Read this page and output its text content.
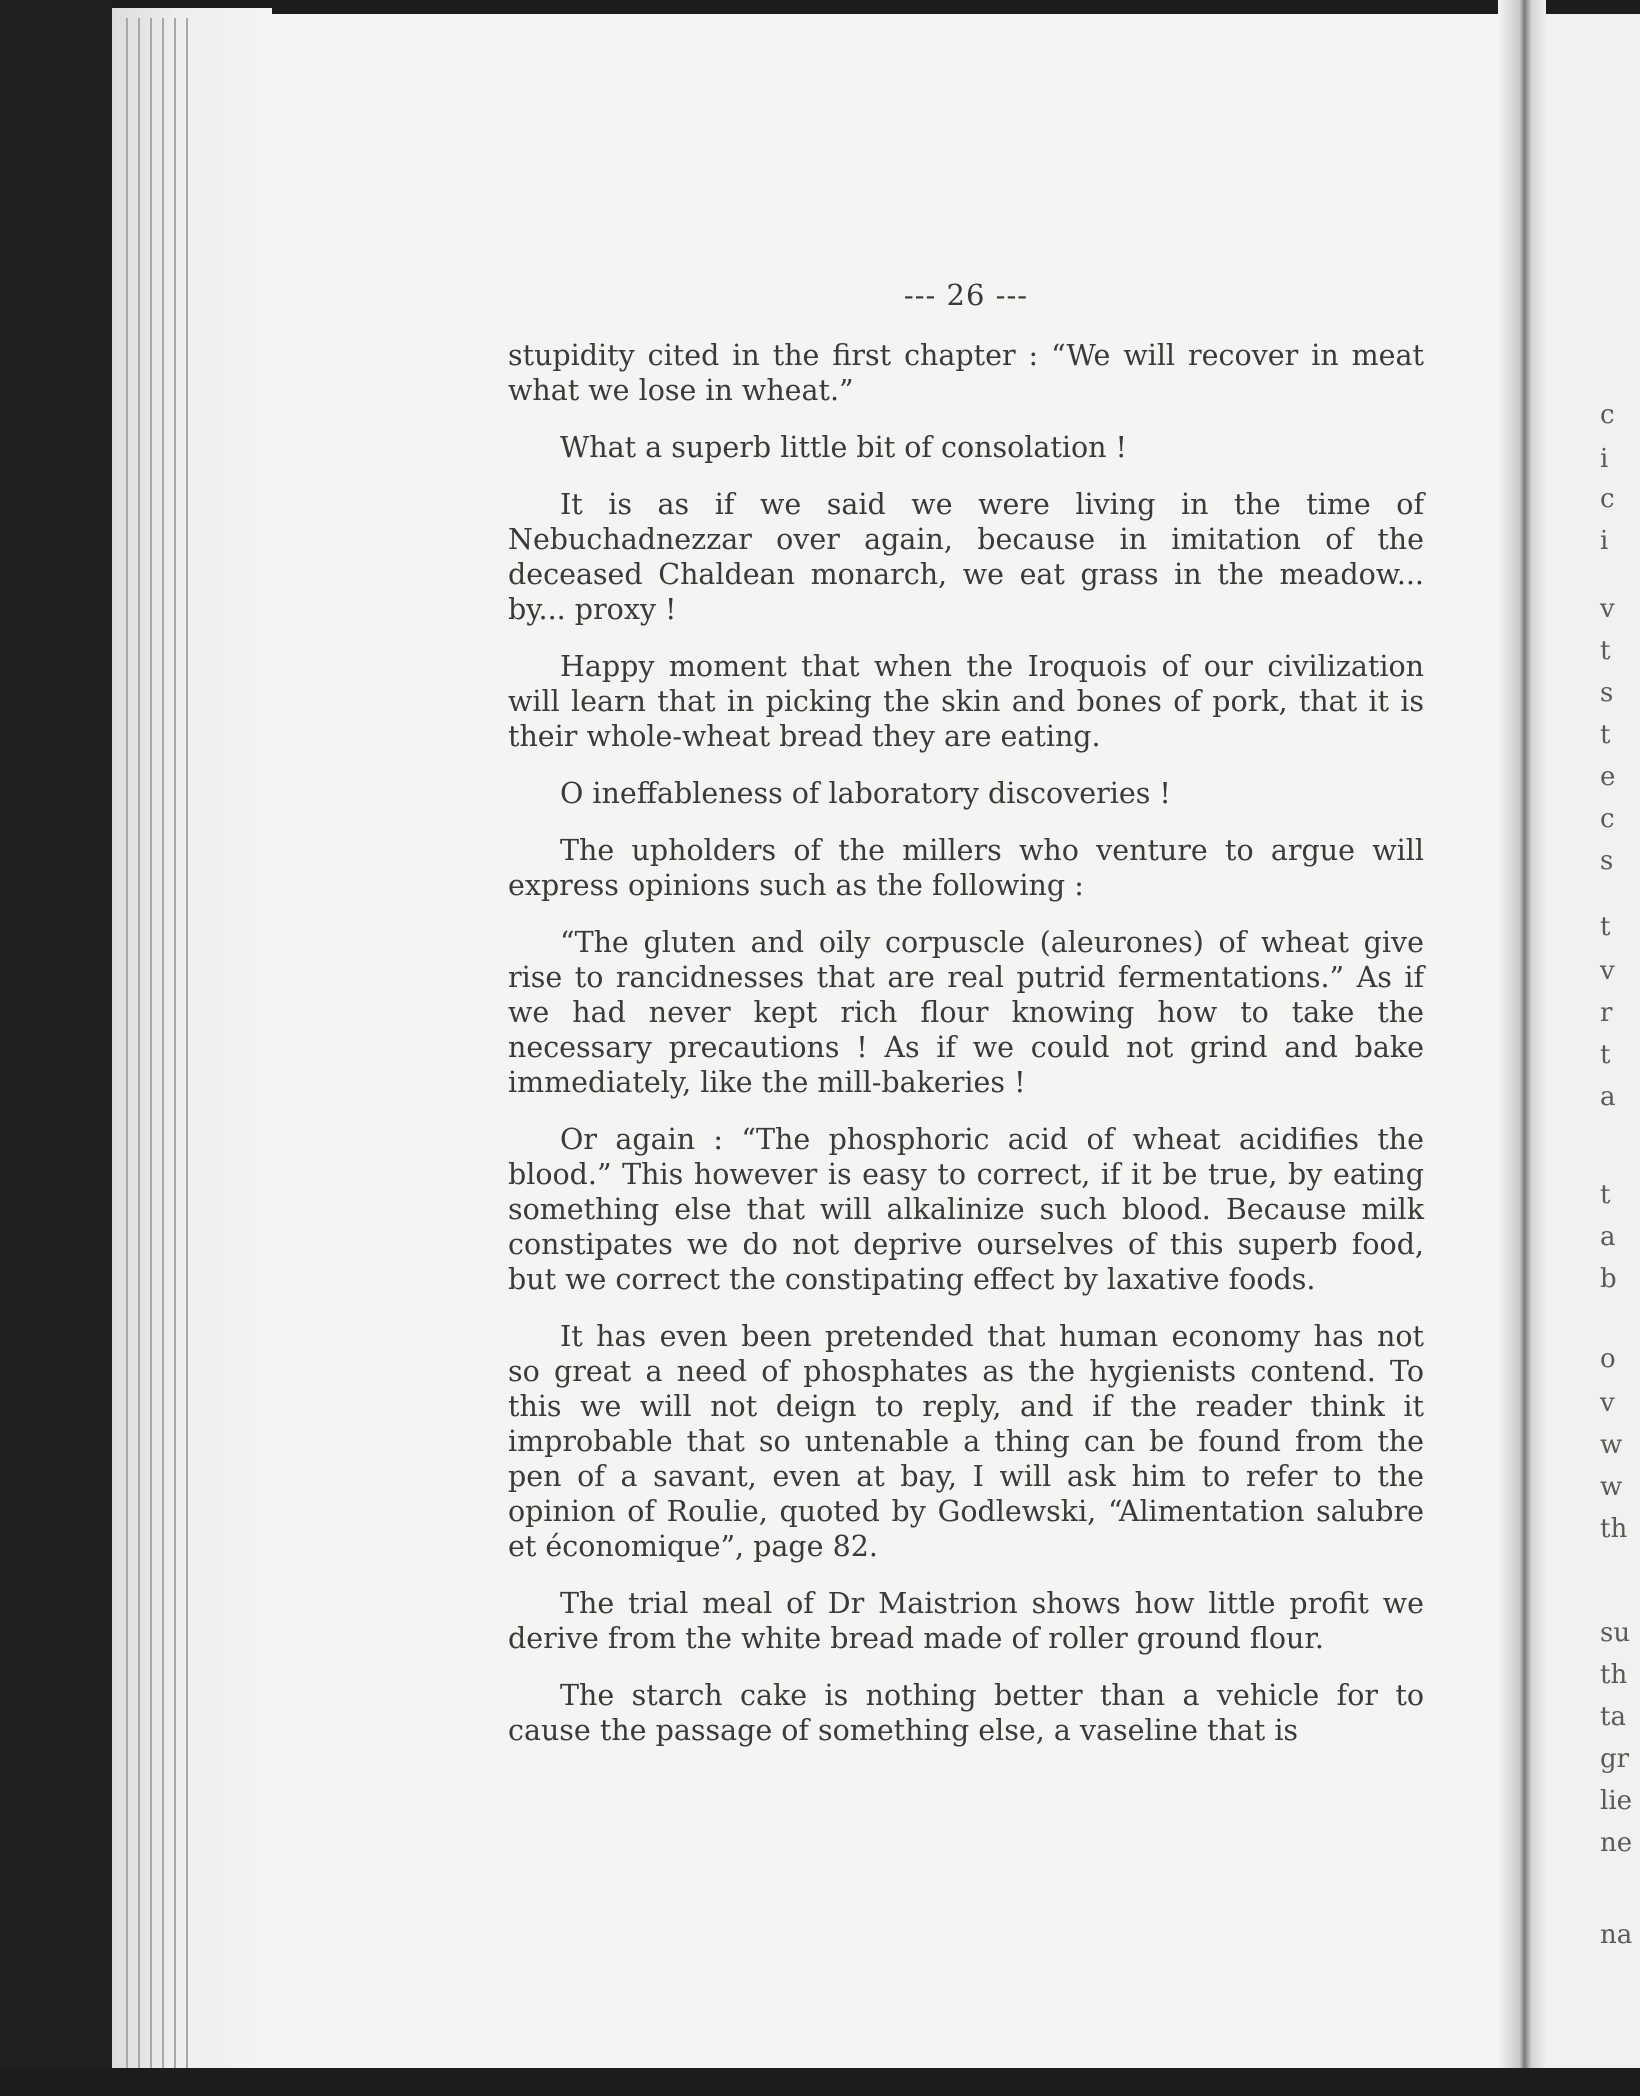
c
i
c
i
v
t
s
t
e
c
s
t
v
r
t
a
t
a
b
o
v
w
w
th
su
th
ta
gr
lie
ne
na
--- 26 ---

stupidity cited in the first chapter : “We will recover in meat what we lose in wheat.”

What a superb little bit of consolation !

It is as if we said we were living in the time of Nebuchadnezzar over again, because in imitation of the deceased Chaldean monarch, we eat grass in the meadow... by... proxy !

Happy moment that when the Iroquois of our civilization will learn that in picking the skin and bones of pork, that it is their whole-wheat bread they are eating.

O ineffableness of laboratory discoveries !

The upholders of the millers who venture to argue will express opinions such as the following :

“The gluten and oily corpuscle (aleurones) of wheat give rise to rancidnesses that are real putrid fermentations.” As if we had never kept rich flour knowing how to take the necessary precautions ! As if we could not grind and bake immediately, like the mill-bakeries !

Or again : “The phosphoric acid of wheat acidifies the blood.” This however is easy to correct, if it be true, by eating something else that will alkalinize such blood. Because milk constipates we do not deprive ourselves of this superb food, but we correct the constipating effect by laxative foods.

It has even been pretended that human economy has not so great a need of phosphates as the hygienists contend. To this we will not deign to reply, and if the reader think it improbable that so untenable a thing can be found from the pen of a savant, even at bay, I will ask him to refer to the opinion of Roulie, quoted by Godlewski, “Alimentation salubre et économique”, page 82.

The trial meal of Dr Maistrion shows how little profit we derive from the white bread made of roller ground flour.

The starch cake is nothing better than a vehicle for to cause the passage of something else, a vaseline that is
